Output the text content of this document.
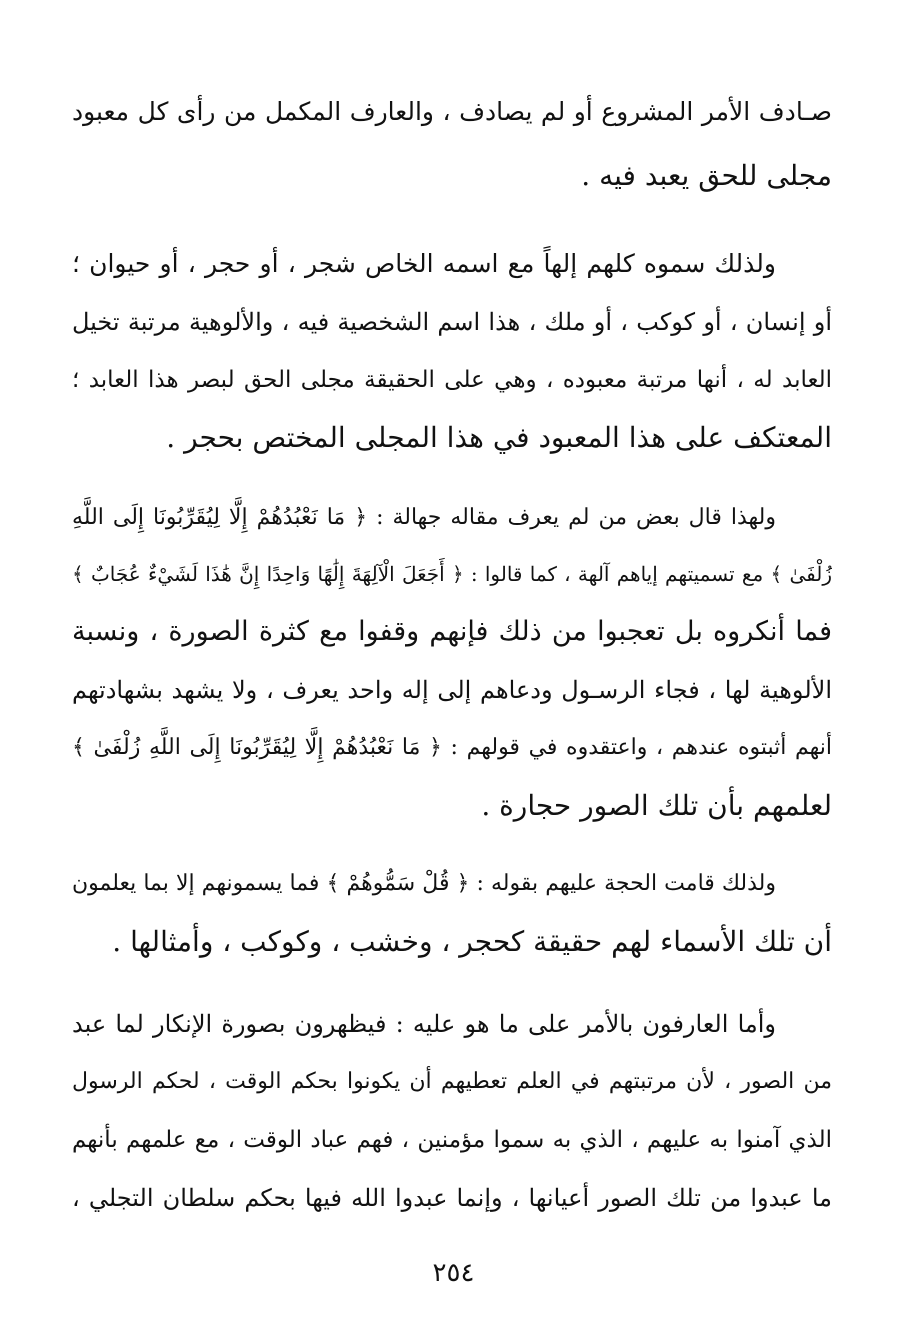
صـادف الأمر المشروع أو لم يصادف ، والعارف المكمل من رأى كل معبود
مجلى للحق يعبد فيه .
ولذلك سموه كلهم إلهاً مع اسمه الخاص شجر ، أو حجر ، أو حيوان ؛
أو إنسان ، أو كوكب ، أو ملك ، هذا اسم الشخصية فيه ، والألوهية مرتبة تخيل
العابد له ، أنها مرتبة معبوده ، وهي على الحقيقة مجلى الحق لبصر هذا العابد ؛
المعتكف على هذا المعبود في هذا المجلى المختص بحجر .
ولهذا قال بعض من لم يعرف مقاله جهالة : ﴿ مَا نَعْبُدُهُمْ إِلَّا لِيُقَرِّبُونَا إِلَى اللَّهِ
زُلْفَىٰ ﴾ مع تسميتهم إياهم آلهة ، كما قالوا : ﴿ أَجَعَلَ الْآلِهَةَ إِلَٰهًا وَاحِدًا إِنَّ هَٰذَا لَشَيْءٌ عُجَابٌ ﴾
فما أنكروه بل تعجبوا من ذلك فإنهم وقفوا مع كثرة الصورة ، ونسبة
الألوهية لها ، فجاء الرسـول ودعاهم إلى إله واحد يعرف ، ولا يشهد بشهادتهم
أنهم أثبتوه عندهم ، واعتقدوه في قولهم : ﴿ مَا نَعْبُدُهُمْ إِلَّا لِيُقَرِّبُونَا إِلَى اللَّهِ زُلْفَىٰ ﴾
لعلمهم بأن تلك الصور حجارة .
ولذلك قامت الحجة عليهم بقوله : ﴿ قُلْ سَمُّوهُمْ ﴾ فما يسمونهم إلا بما يعلمون
أن تلك الأسماء لهم حقيقة كحجر ، وخشب ، وكوكب ، وأمثالها .
وأما العارفون بالأمر على ما هو عليه : فيظهرون بصورة الإنكار لما عبد
من الصور ، لأن مرتبتهم في العلم تعطيهم أن يكونوا بحكم الوقت ، لحكم الرسول
الذي آمنوا به عليهم ، الذي به سموا مؤمنين ، فهم عباد الوقت ، مع علمهم بأنهم
ما عبدوا من تلك الصور أعيانها ، وإنما عبدوا الله فيها بحكم سلطان التجلي ،
٢٥٤
